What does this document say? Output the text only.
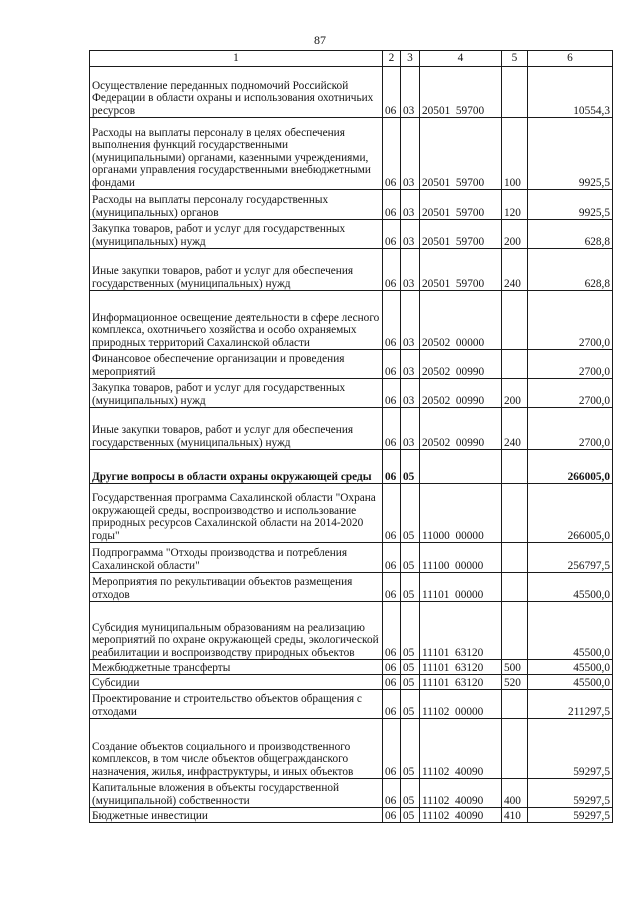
87
1	2	3	4	5	6
Осуществление переданных подномочий Российской Федерации в области охраны и использования охотничьих ресурсов	06	03	20501  59700		10554,3
Расходы на выплаты персоналу в целях обеспечения выполнения функций государственными (муниципальными) органами, казенными учреждениями, органами управления государственными внебюджетными фондами	06	03	20501  59700	100	9925,5
Расходы на выплаты персоналу государственных (муниципальных) органов	06	03	20501  59700	120	9925,5
Закупка товаров, работ и услуг для государственных (муниципальных) нужд	06	03	20501  59700	200	628,8
Иные закупки товаров, работ и услуг для обеспечения государственных (муниципальных) нужд	06	03	20501  59700	240	628,8
Информационное освещение деятельности в сфере лесного комплекса, охотничьего хозяйства и особо охраняемых природных территорий Сахалинской области	06	03	20502  00000		2700,0
Финансовое обеспечение организации и проведения мероприятий	06	03	20502  00990		2700,0
Закупка товаров, работ и услуг для государственных (муниципальных) нужд	06	03	20502  00990	200	2700,0
Иные закупки товаров, работ и услуг для обеспечения государственных (муниципальных) нужд	06	03	20502  00990	240	2700,0
Другие вопросы в области охраны окружающей среды	06	05			266005,0
Государственная программа Сахалинской области "Охрана окружающей среды, воспроизводство и использование природных ресурсов Сахалинской области на 2014-2020 годы"	06	05	11000  00000		266005,0
Подпрограмма "Отходы производства и потребления Сахалинской области"	06	05	11100  00000		256797,5
Мероприятия по рекультивации объектов размещения отходов	06	05	11101  00000		45500,0
Субсидия муниципальным образованиям на реализацию мероприятий по охране окружающей среды, экологической реабилитации и воспроизводству природных объектов	06	05	11101  63120		45500,0
Межбюджетные трансферты	06	05	11101  63120	500	45500,0
Субсидии	06	05	11101  63120	520	45500,0
Проектирование и строительство объектов обращения с отходами	06	05	11102  00000		211297,5
Создание объектов социального и производственного комплексов, в том числе объектов общегражданского назначения, жилья, инфраструктуры, и иных объектов	06	05	11102  40090		59297,5
Капитальные вложения в объекты государственной (муниципальной) собственности	06	05	11102  40090	400	59297,5
Бюджетные инвестиции	06	05	11102  40090	410	59297,5
